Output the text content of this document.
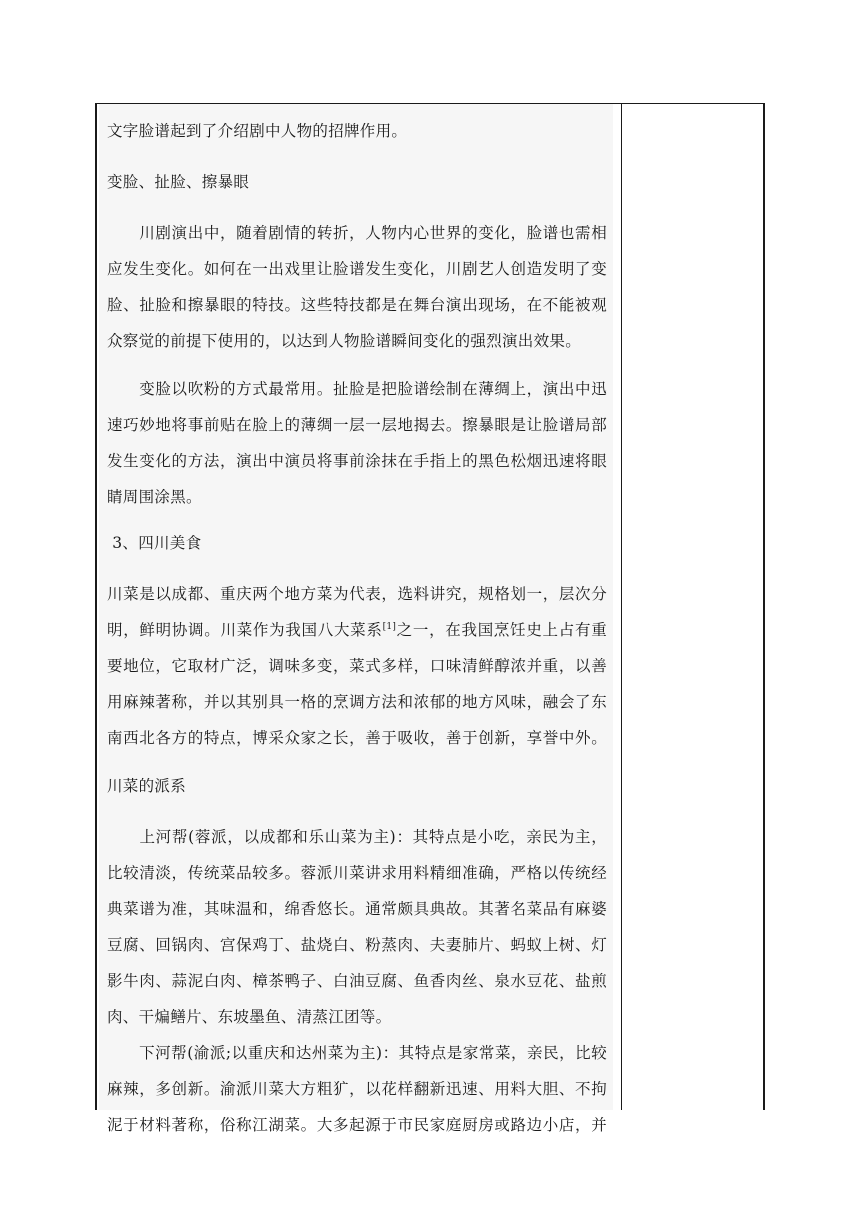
文字脸谱起到了介绍剧中人物的招牌作用。
变脸、扯脸、擦暴眼
　　川剧演出中，随着剧情的转折，人物内心世界的变化，脸谱也需相
应发生变化。如何在一出戏里让脸谱发生变化，川剧艺人创造发明了变
脸、扯脸和擦暴眼的特技。这些特技都是在舞台演出现场，在不能被观
众察觉的前提下使用的，以达到人物脸谱瞬间变化的强烈演出效果。
　　变脸以吹粉的方式最常用。扯脸是把脸谱绘制在薄绸上，演出中迅
速巧妙地将事前贴在脸上的薄绸一层一层地揭去。擦暴眼是让脸谱局部
发生变化的方法，演出中演员将事前涂抹在手指上的黑色松烟迅速将眼
睛周围涂黑。
3、四川美食
川菜是以成都、重庆两个地方菜为代表，选料讲究，规格划一，层次分
明，鲜明协调。川菜作为我国八大菜系[1]之一，在我国烹饪史上占有重
要地位，它取材广泛，调味多变，菜式多样，口味清鲜醇浓并重，以善
用麻辣著称，并以其别具一格的烹调方法和浓郁的地方风味，融会了东
南西北各方的特点，博采众家之长，善于吸收，善于创新，享誉中外。
川菜的派系
　　上河帮(蓉派，以成都和乐山菜为主)：其特点是小吃，亲民为主，
比较清淡，传统菜品较多。蓉派川菜讲求用料精细准确，严格以传统经
典菜谱为准，其味温和，绵香悠长。通常颇具典故。其著名菜品有麻婆
豆腐、回锅肉、宫保鸡丁、盐烧白、粉蒸肉、夫妻肺片、蚂蚁上树、灯
影牛肉、蒜泥白肉、樟茶鸭子、白油豆腐、鱼香肉丝、泉水豆花、盐煎
肉、干煸鳝片、东坡墨鱼、清蒸江团等。
　　下河帮(渝派;以重庆和达州菜为主)：其特点是家常菜，亲民，比较
麻辣，多创新。渝派川菜大方粗犷，以花样翻新迅速、用料大胆、不拘
泥于材料著称，俗称江湖菜。大多起源于市民家庭厨房或路边小店，并
